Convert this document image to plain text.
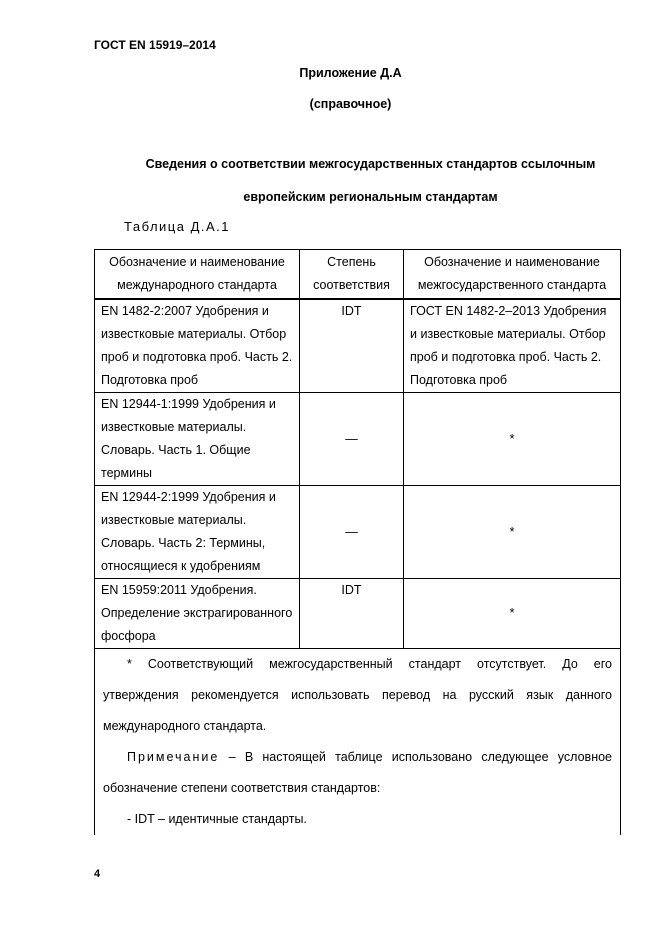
ГОСТ EN 15919–2014
Приложение Д.А
(справочное)
Сведения о соответствии межгосударственных стандартов ссылочным
европейским региональным стандартам
Таблица Д.А.1
Обозначение и наименование международного стандарта	Степень соответствия	Обозначение и наименование межгосударственного стандарта
EN 1482-2:2007 Удобрения и известковые материалы. Отбор проб и подготовка проб. Часть 2. Подготовка проб	IDT	ГОСТ EN 1482-2–2013 Удобрения и известковые материалы. Отбор проб и подготовка проб. Часть 2. Подготовка проб
EN 12944-1:1999 Удобрения и известковые материалы. Словарь. Часть 1. Общие термины	—	*
EN 12944-2:1999 Удобрения и известковые материалы. Словарь. Часть 2: Термины, относящиеся к удобрениям	—	*
EN 15959:2011 Удобрения. Определение экстрагированного фосфора	IDT	*

* Соответствующий межгосударственный стандарт отсутствует. До его утверждения рекомендуется использовать перевод на русский язык данного международного стандарта.

Примечание – В настоящей таблице использовано следующее условное обозначение степени соответствия стандартов:

- IDT – идентичные стандарты.		

4
